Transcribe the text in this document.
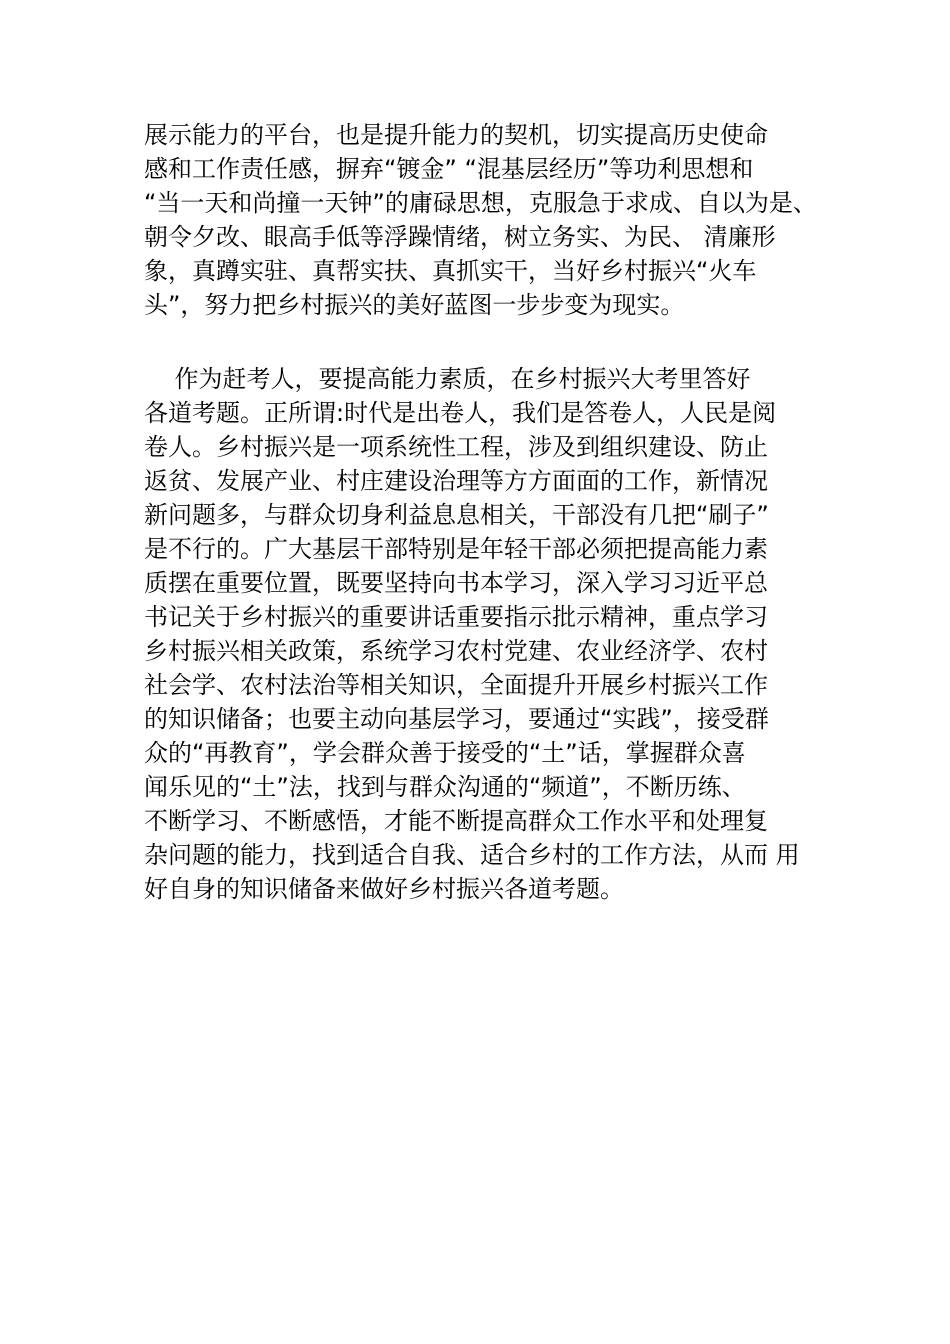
展示能力的平台，也是提升能力的契机，切实提高历史使命
感和工作责任感，摒弃“镀金” “混基层经历”等功利思想和
“当一天和尚撞一天钟”的庸碌思想，克服急于求成、自以为是、
朝令夕改、眼高手低等浮躁情绪，树立务实、为民、 清廉形
象，真蹲实驻、真帮实扶、真抓实干，当好乡村振兴“火车
头”，努力把乡村振兴的美好蓝图一步步变为现实。
作为赶考人，要提高能力素质，在乡村振兴大考里答好
各道考题。正所谓:时代是出卷人，我们是答卷人，人民是阅
卷人。乡村振兴是一项系统性工程，涉及到组织建设、防止
返贫、发展产业、村庄建设治理等方方面面的工作，新情况
新问题多，与群众切身利益息息相关，干部没有几把“刷子”
是不行的。广大基层干部特别是年轻干部必须把提高能力素
质摆在重要位置，既要坚持向书本学习，深入学习习近平总
书记关于乡村振兴的重要讲话重要指示批示精神，重点学习
乡村振兴相关政策，系统学习农村党建、农业经济学、农村
社会学、农村法治等相关知识，全面提升开展乡村振兴工作
的知识储备；也要主动向基层学习，要通过“实践”，接受群
众的“再教育”，学会群众善于接受的“土”话，掌握群众喜
闻乐见的“土”法，找到与群众沟通的“频道”，不断历练、
不断学习、不断感悟，才能不断提高群众工作水平和处理复
杂问题的能力，找到适合自我、适合乡村的工作方法，从而 用
好自身的知识储备来做好乡村振兴各道考题。
